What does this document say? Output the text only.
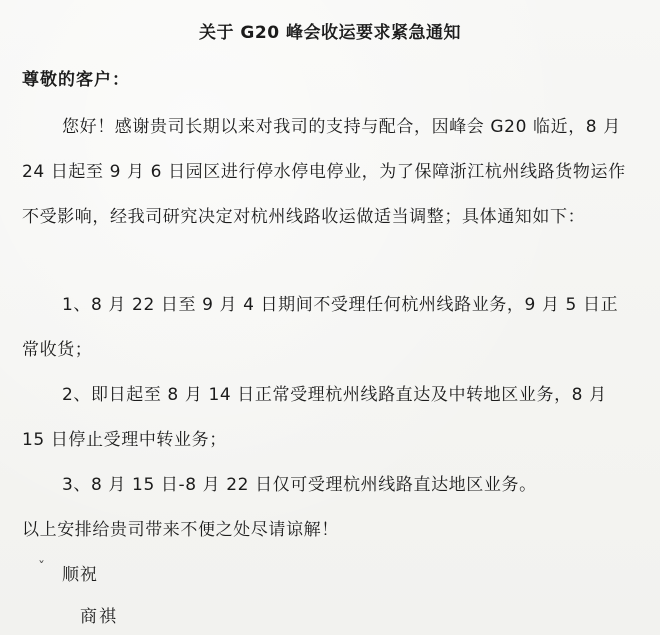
关于 G20 峰会收运要求紧急通知
尊敬的客户：
您好！感谢贵司长期以来对我司的支持与配合，因峰会 G20 临近，8 月 24 日起至 9 月 6 日园区进行停水停电停业，为了保障浙江杭州线路货物运作不受影响，经我司研究决定对杭州线路收运做适当调整；具体通知如下：
1、8 月 22 日至 9 月 4 日期间不受理任何杭州线路业务，9 月 5 日正常收货；
2、即日起至 8 月 14 日正常受理杭州线路直达及中转地区业务，8 月 15 日停止受理中转业务；
3、8 月 15 日-8 月 22 日仅可受理杭州线路直达地区业务。
以上安排给贵司带来不便之处尽请谅解！
ˇ 顺祝
商祺
